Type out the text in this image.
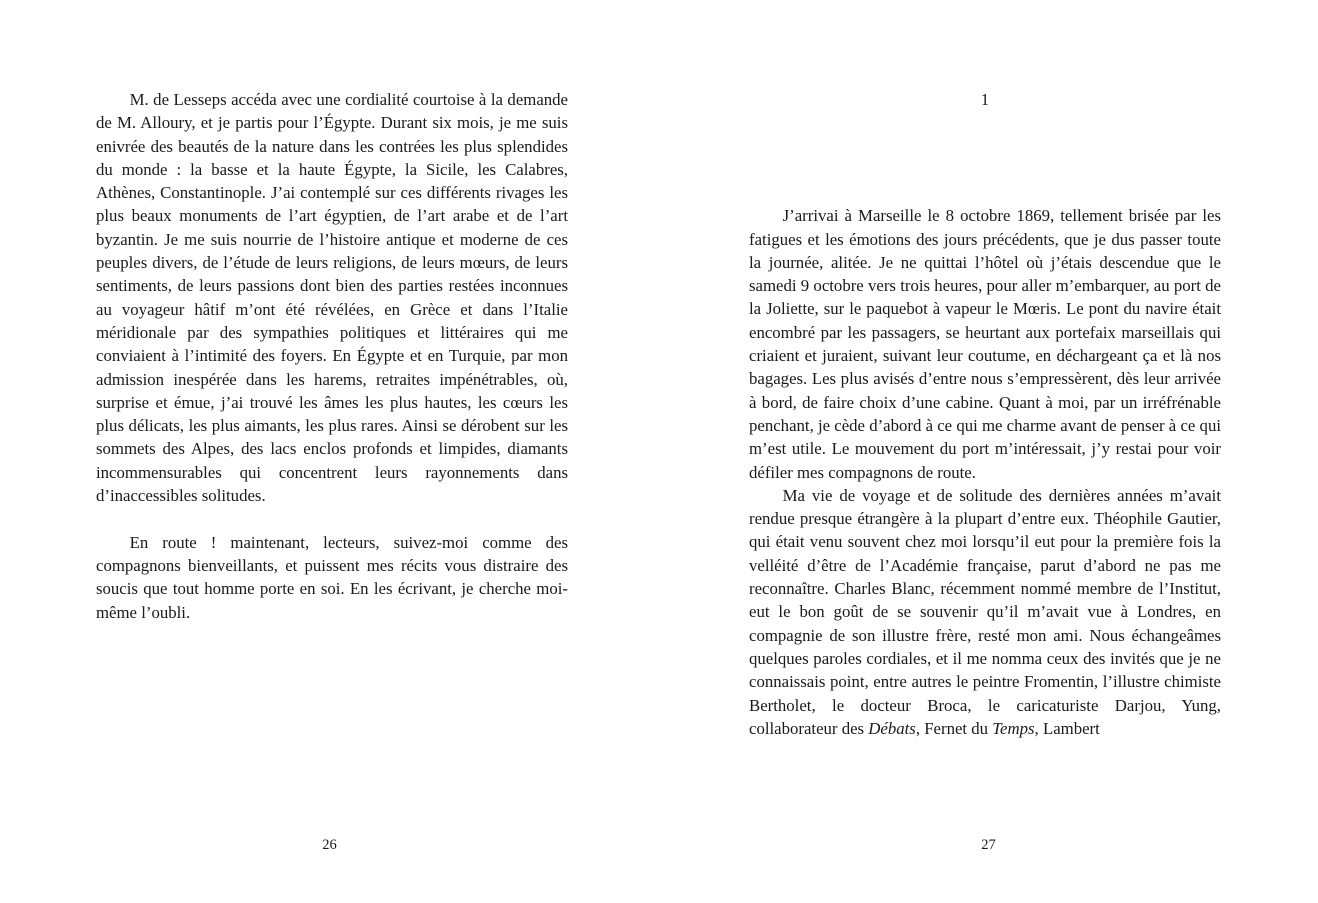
M. de Lesseps accéda avec une cordialité courtoise à la demande de M. Alloury, et je partis pour l’Égypte. Durant six mois, je me suis enivrée des beautés de la nature dans les contrées les plus splendides du monde : la basse et la haute Égypte, la Sicile, les Calabres, Athènes, Constantinople. J’ai contemplé sur ces différents rivages les plus beaux monuments de l’art égyptien, de l’art arabe et de l’art byzantin. Je me suis nourrie de l’histoire antique et moderne de ces peuples divers, de l’étude de leurs religions, de leurs mœurs, de leurs sentiments, de leurs passions dont bien des parties restées inconnues au voyageur hâtif m’ont été révélées, en Grèce et dans l’Italie méridionale par des sympathies politiques et littéraires qui me conviaient à l’intimité des foyers. En Égypte et en Turquie, par mon admission inespérée dans les harems, retraites impénétrables, où, surprise et émue, j’ai trouvé les âmes les plus hautes, les cœurs les plus délicats, les plus aimants, les plus rares. Ainsi se dérobent sur les sommets des Alpes, des lacs enclos profonds et limpides, diamants incommensurables qui concentrent leurs rayonnements dans d’inaccessibles solitudes.

En route ! maintenant, lecteurs, suivez-moi comme des compagnons bienveillants, et puissent mes récits vous distraire des soucis que tout homme porte en soi. En les écrivant, je cherche moi-même l’oubli.

26
1

J’arrivai à Marseille le 8 octobre 1869, tellement brisée par les fatigues et les émotions des jours précédents, que je dus passer toute la journée, alitée. Je ne quittai l’hôtel où j’étais descendue que le samedi 9 octobre vers trois heures, pour aller m’embarquer, au port de la Joliette, sur le paquebot à vapeur le Mœris. Le pont du navire était encombré par les passagers, se heurtant aux portefaix marseillais qui criaient et juraient, suivant leur coutume, en déchargeant ça et là nos bagages. Les plus avisés d’entre nous s’empressèrent, dès leur arrivée à bord, de faire choix d’une cabine. Quant à moi, par un irréfrénable penchant, je cède d’abord à ce qui me charme avant de penser à ce qui m’est utile. Le mouvement du port m’intéressait, j’y restai pour voir défiler mes compagnons de route.

Ma vie de voyage et de solitude des dernières années m’avait rendue presque étrangère à la plupart d’entre eux. Théophile Gautier, qui était venu souvent chez moi lorsqu’il eut pour la première fois la velléité d’être de l’Académie française, parut d’abord ne pas me reconnaître. Charles Blanc, récemment nommé membre de l’Institut, eut le bon goût de se souvenir qu’il m’avait vue à Londres, en compagnie de son illustre frère, resté mon ami. Nous échangeâmes quelques paroles cordiales, et il me nomma ceux des invités que je ne connaissais point, entre autres le peintre Fromentin, l’illustre chimiste Bertholet, le docteur Broca, le caricaturiste Darjou, Yung, collaborateur des Débats, Fernet du Temps, Lambert

27
